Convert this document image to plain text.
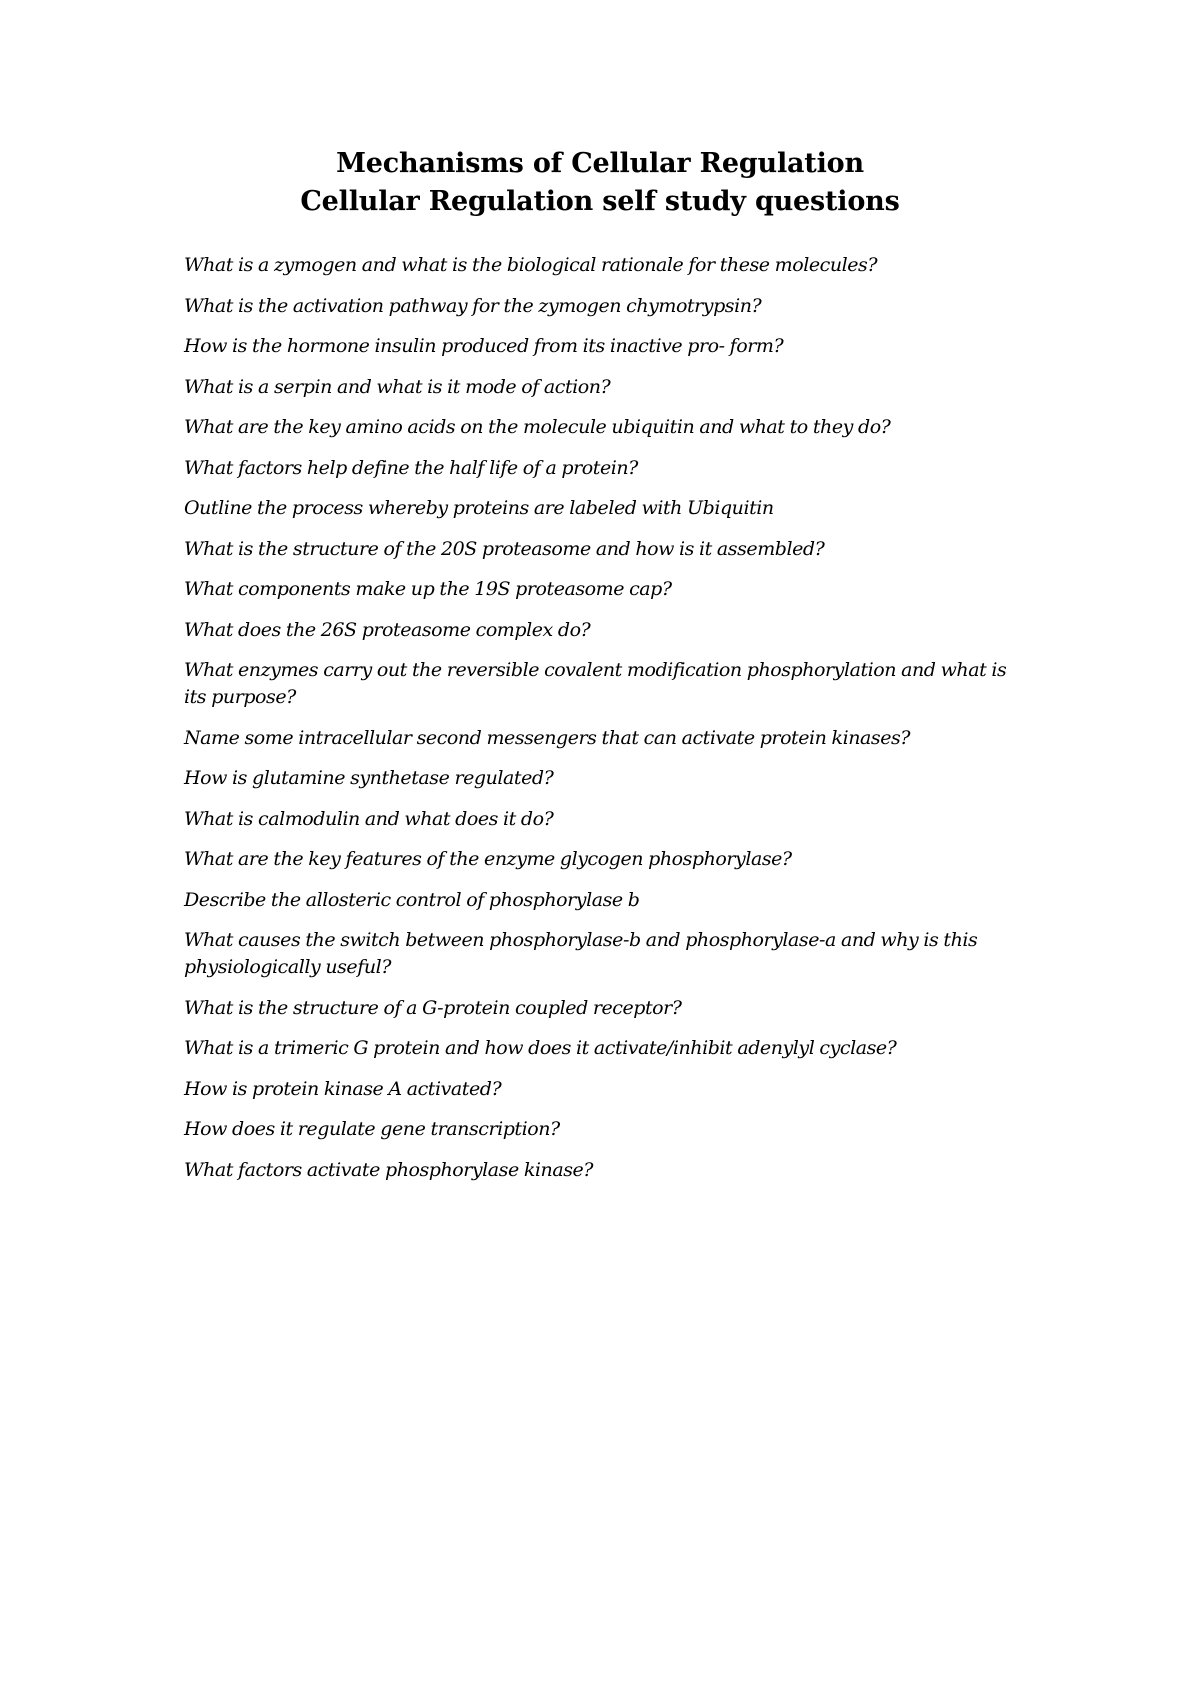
Mechanisms of Cellular Regulation
Cellular Regulation self study questions
What is a zymogen and what is the biological rationale for these molecules?
What is the activation pathway for the zymogen chymotrypsin?
How is the hormone insulin produced from its inactive pro- form?
What is a serpin and what is it mode of action?
What are the key amino acids on the molecule ubiquitin and what to they do?
What factors help define the half life of a protein?
Outline the process whereby proteins are labeled with Ubiquitin
What is the structure of the 20S proteasome and how is it assembled?
What components make up the 19S proteasome cap?
What does the 26S proteasome complex do?
What enzymes carry out the reversible covalent modification phosphorylation and what is its purpose?
Name some intracellular second messengers that can activate protein kinases?
How is glutamine synthetase regulated?
What is calmodulin and what does it do?
What are the key features of the enzyme glycogen phosphorylase?
Describe the allosteric control of phosphorylase b
What causes the switch between phosphorylase-b and phosphorylase-a and why is this physiologically useful?
What is the structure of a G-protein coupled receptor?
What is a trimeric G protein and how does it activate/inhibit adenylyl cyclase?
How is protein kinase A activated?
How does it regulate gene transcription?
What factors activate phosphorylase kinase?
